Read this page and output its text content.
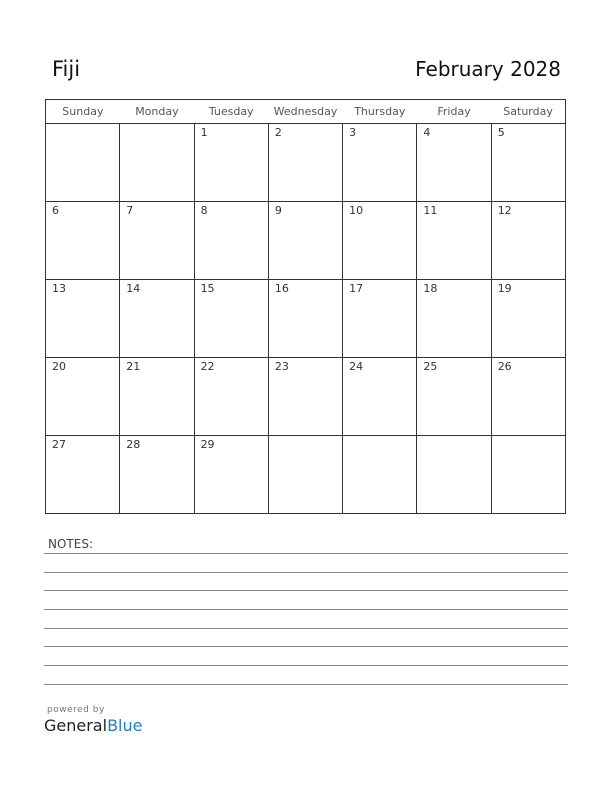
Fiji	February 2028
Sunday	Monday	Tuesday	Wednesday	Thursday	Friday	Saturday

		1	2	3	4	5

6	7	8	9	10	11	12

13	14	15	16	17	18	19

20	21	22	23	24	25	26

27	28	29				

NOTES:
powered by
GeneralBlue
